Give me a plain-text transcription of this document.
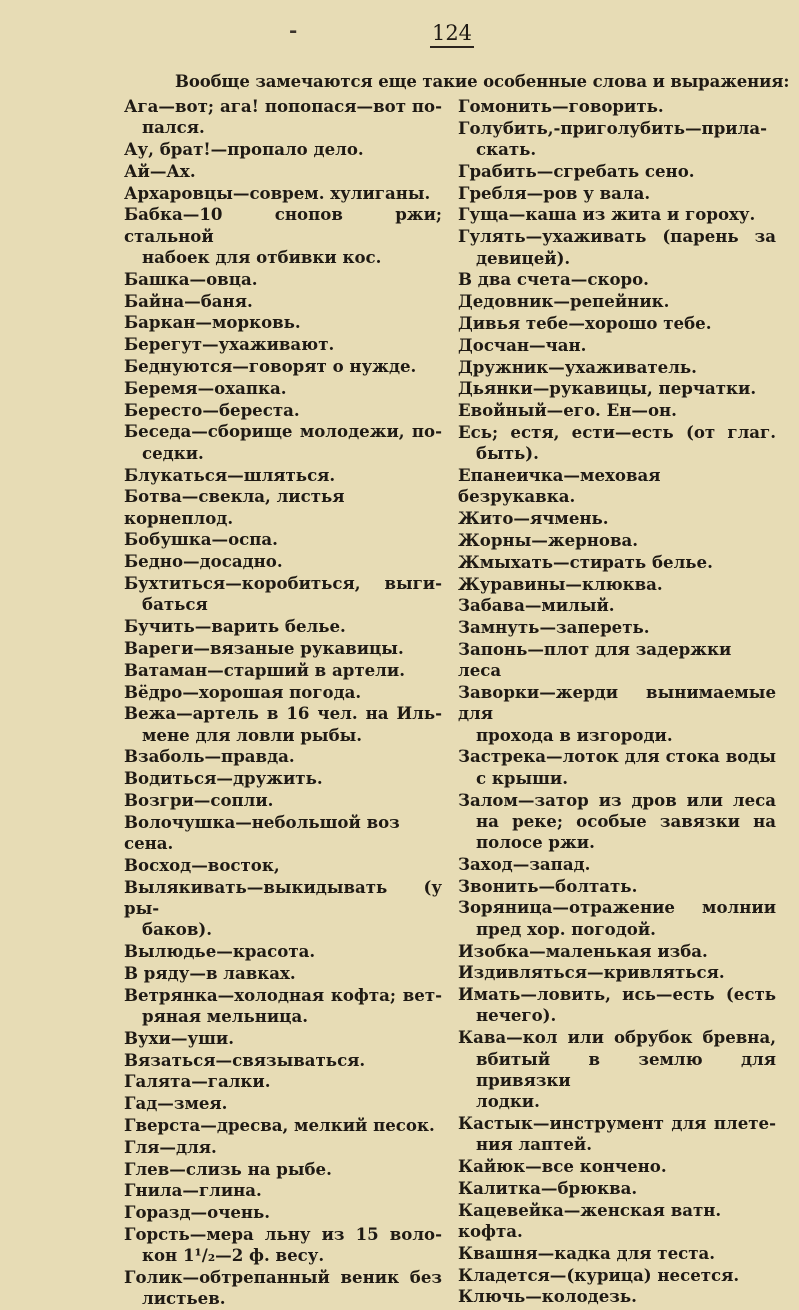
-	124
Вообще замечаются еще такие особенные слова и выражения:
Ага—вот; ага! попопася—вот по-
пался.
Ау, брат!—пропало дело.
Ай—Ах.
Архаровцы—соврем. хулиганы.
Бабка—10 снопов ржи; стальной
набоек для отбивки кос.
Башка—овца.
Байна—баня.
Баркан—морковь.
Берегут—ухаживают.
Беднуются—говорят о нужде.
Беремя—охапка.
Бересто—береста.
Беседа—сборище молодежи, по-
седки.
Блукаться—шляться.
Ботва—свекла, листья корнеплод.
Бобушка—оспа.
Бедно—досадно.
Бухтиться—коробиться, выги-
баться
Бучить—варить белье.
Вареги—вязаные рукавицы.
Ватаман—старший в артели.
Вёдро—хорошая погода.
Вежа—артель в 16 чел. на Иль-
мене для ловли рыбы.
Взаболь—правда.
Водиться—дружить.
Возгри—сопли.
Волочушка—небольшой воз сена.
Восход—восток,
Вылякивать—выкидывать (у ры-
баков).
Вылюдье—красота.
В ряду—в лавках.
Ветрянка—холодная кофта; вет-
ряная мельница.
Вухи—уши.
Вязаться—связываться.
Галята—галки.
Гад—змея.
Гверста—дресва, мелкий песок.
Гля—для.
Глев—слизь на рыбе.
Гнила—глина.
Горазд—очень.
Горсть—мера льну из 15 воло-
кон 1¹/₂—2 ф. весу.
Голик—обтрепанный веник без
листьев.
Гомонить—говорить.
Голубить,-приголубить—прила-
скать.
Грабить—сгребать сено.
Гребля—ров у вала.
Гуща—каша из жита и гороху.
Гулять—ухаживать (парень за
девицей).
В два счета—скоро.
Дедовник—репейник.
Дивья тебе—хорошо тебе.
Досчан—чан.
Дружник—ухаживатель.
Дьянки—рукавицы, перчатки.
Евойный—его. Ен—он.
Есь; естя, ести—есть (от глаг.
быть).
Епанеичка—меховая безрукавка.
Жито—ячмень.
Жорны—жернова.
Жмыхать—стирать белье.
Журавины—клюква.
Забава—милый.
Замнуть—запереть.
Запонь—плот для задержки леса
Заворки—жерди вынимаемые для
прохода в изгороди.
Застрека—лоток для стока воды
с крыши.
Залом—затор из дров или леса
на реке; особые завязки на
полосе ржи.
Заход—запад.
Звонить—болтать.
Зоряница—отражение молнии
пред хор. погодой.
Изобка—маленькая изба.
Издивляться—кривляться.
Имать—ловить, ись—есть (есть
нечего).
Кава—кол или обрубок бревна,
вбитый в землю для привязки
лодки.
Кастык—инструмент для плете-
ния лаптей.
Кайюк—все кончено.
Калитка—брюква.
Кацевейка—женская ватн. кофта.
Квашня—кадка для теста.
Кладется—(курица) несется.
Ключь—колодезь.
